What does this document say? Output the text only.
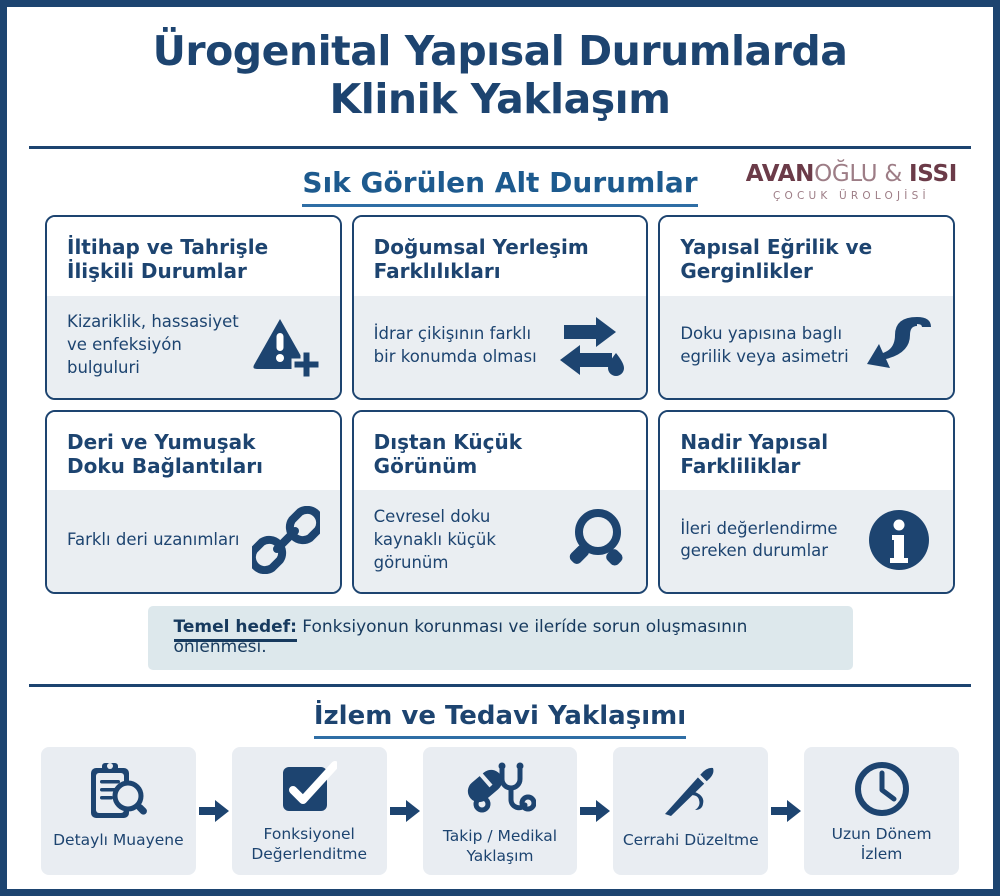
Ürogenital Yapısal Durumlarda
Klinik Yaklaşım
Sık Görülen Alt Durumlar	AVANOĞLU & ISSI
ÇOCUK ÜROLOJİSİ
İltihap ve Tahrişle İlişkili Durumlar
Kizariklik, hassasiyet ve enfeksiyón bulguluri
Doğumsal Yerleşim Farklılıkları
İdrar çikişının farklı bir konumda olması
Yapısal Eğrilik ve Gerginlikler
Doku yapısına baglı egrilik veya asimetri
Deri ve Yumuşak Doku Bağlantıları
Farklı deri uzanımları
Dıştan Küçük Görünüm
Cevresel doku kaynaklı küçük görunüm
Nadir Yapısal Farkliliklar
İleri değerlendirme gereken durumlar
Temel hedef: Fonksiyonun korunması ve ileríde sorun oluşmasının önlenmesi.
İzlem ve Tedavi Yaklaşımı
Detaylı Muayene	Fonksiyonel Değerlenditme
Takip / Medikal Yaklaşım
Cerrahi Düzeltme	Uzun Dönem İzlem
